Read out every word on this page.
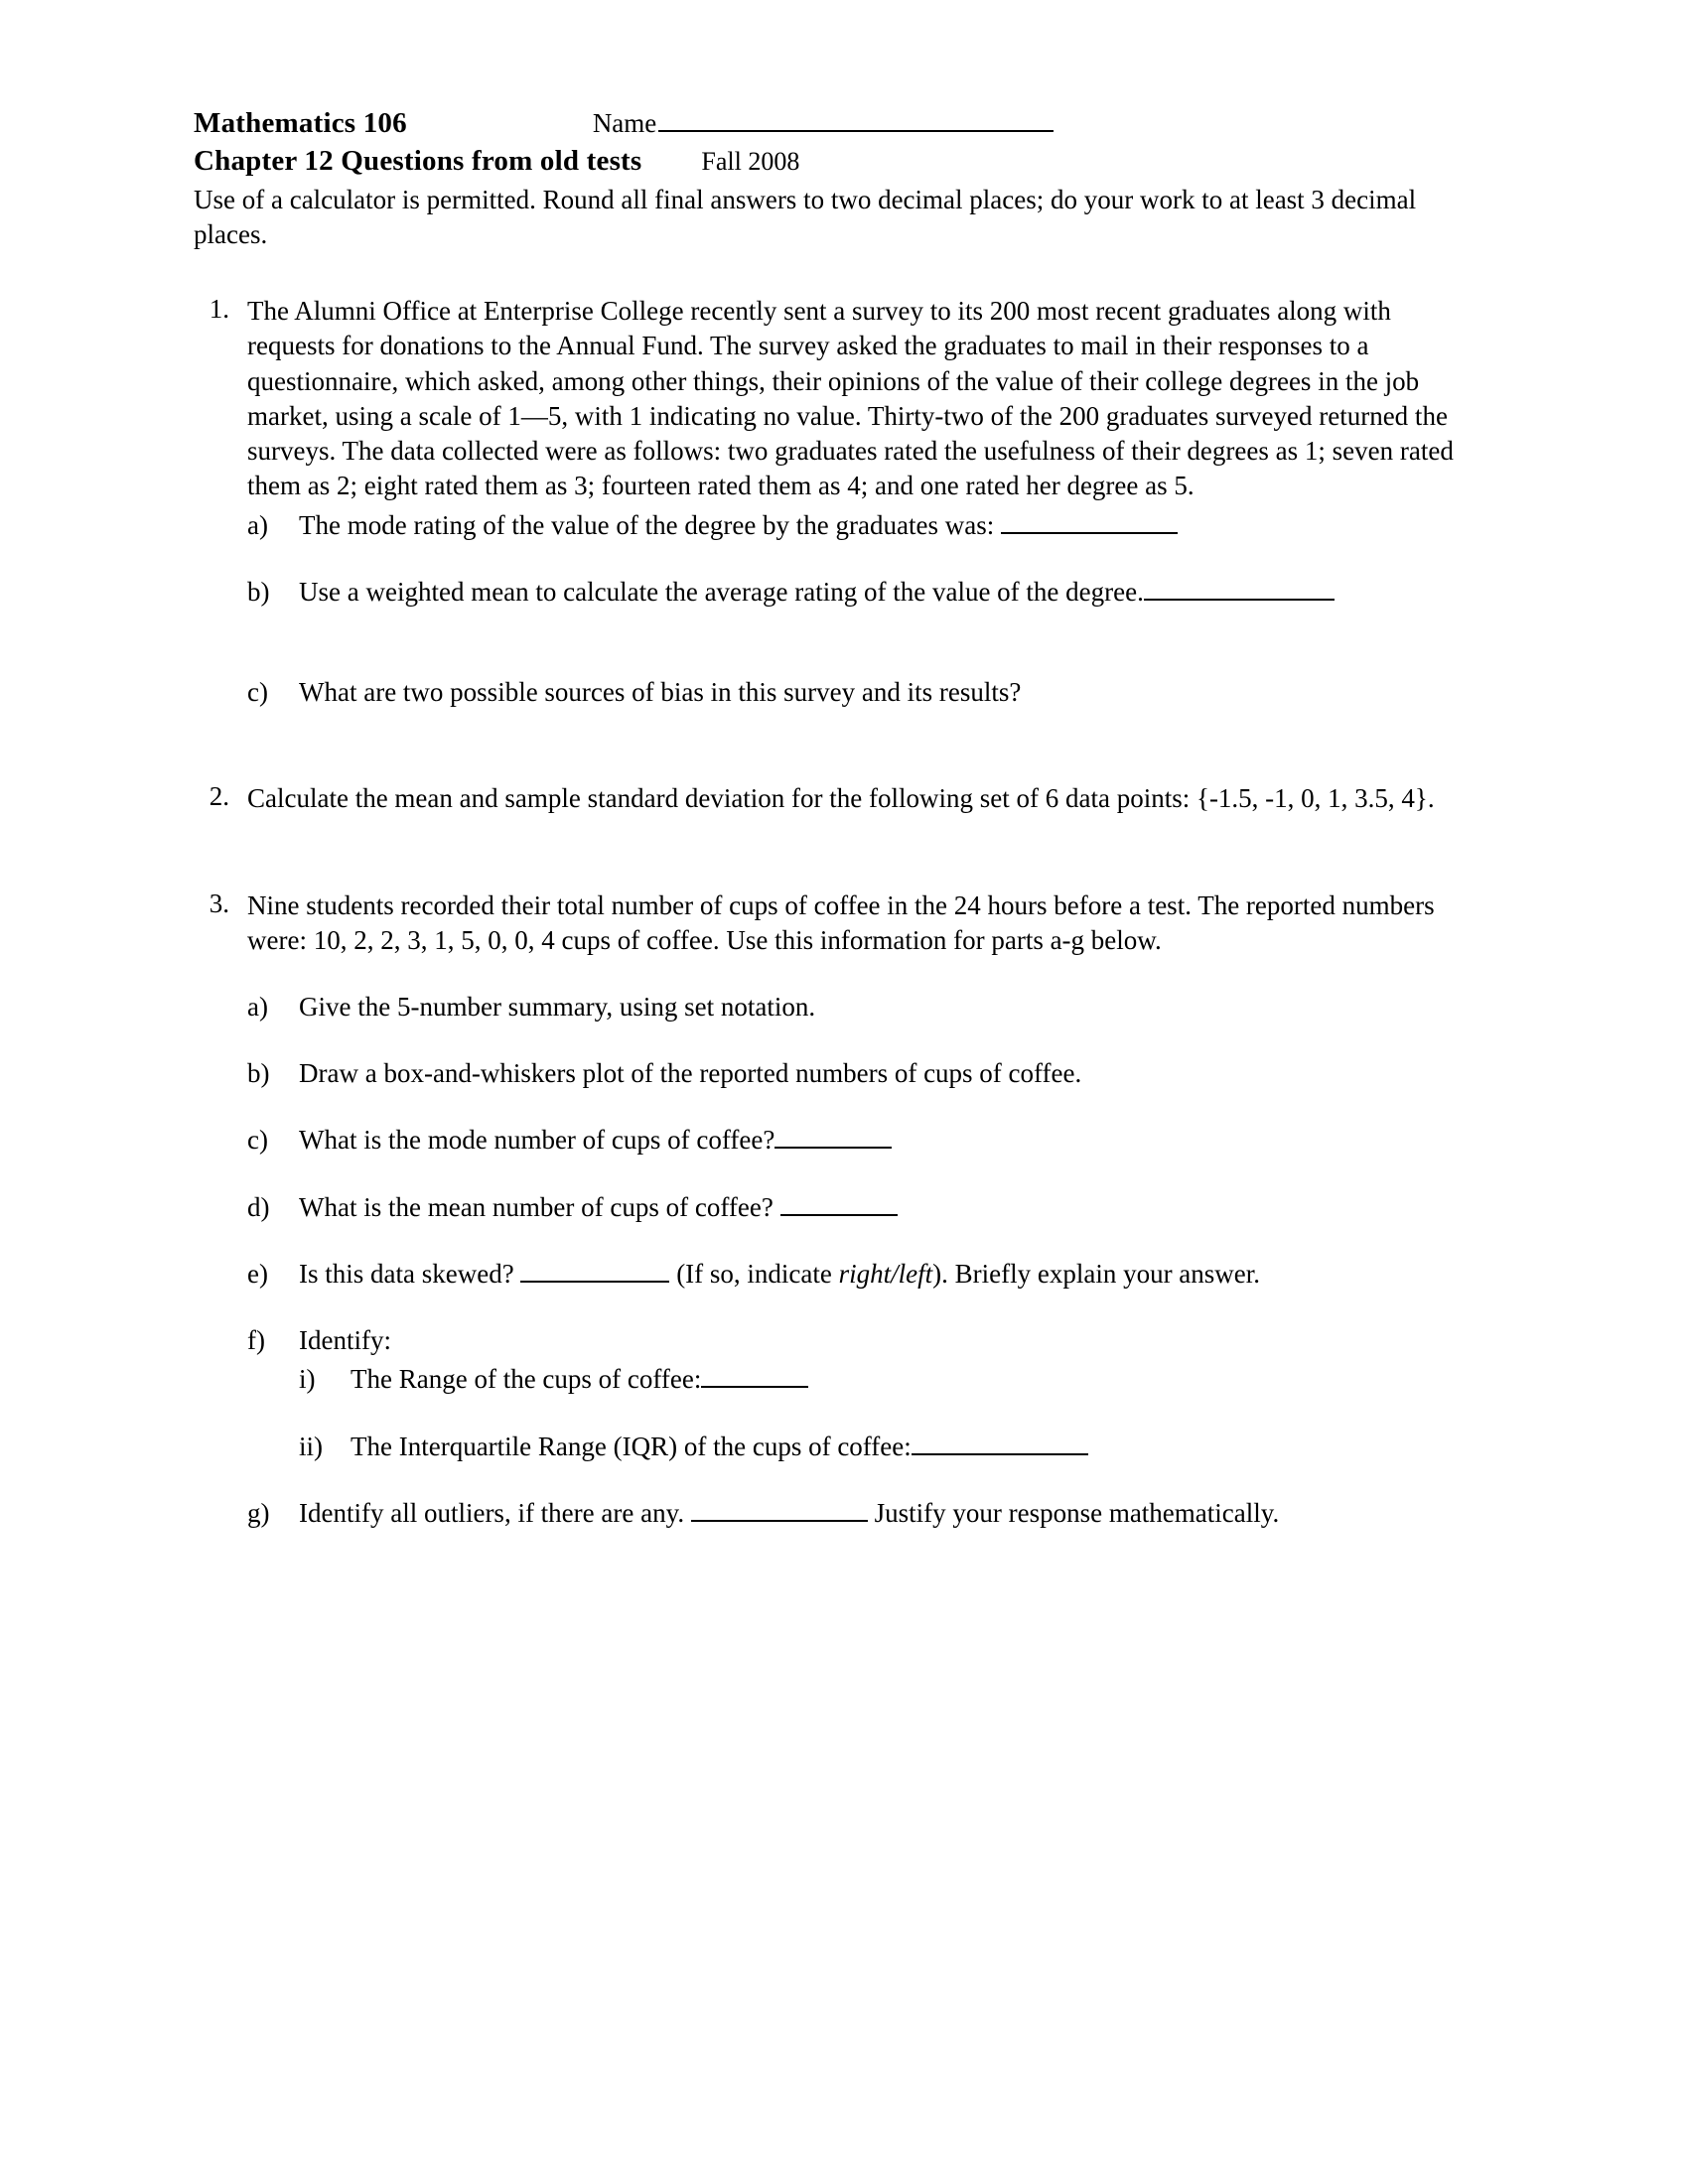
Mathematics 106	Name
Chapter 12 Questions from old tests Fall 2008
Use of a calculator is permitted. Round all final answers to two decimal places; do your work to at least 3 decimal places.
1. The Alumni Office at Enterprise College recently sent a survey to its 200 most recent graduates along with requests for donations to the Annual Fund. The survey asked the graduates to mail in their responses to a questionnaire, which asked, among other things, their opinions of the value of their college degrees in the job market, using a scale of 1—5, with 1 indicating no value. Thirty-two of the 200 graduates surveyed returned the surveys. The data collected were as follows: two graduates rated the usefulness of their degrees as 1; seven rated them as 2; eight rated them as 3; fourteen rated them as 4; and one rated her degree as 5.
a)	The mode rating of the value of the degree by the graduates was:
b)	Use a weighted mean to calculate the average rating of the value of the degree.
c)	What are two possible sources of bias in this survey and its results?
2. Calculate the mean and sample standard deviation for the following set of 6 data points: {-1.5, -1, 0, 1, 3.5, 4}.
3. Nine students recorded their total number of cups of coffee in the 24 hours before a test. The reported numbers were: 10, 2, 2, 3, 1, 5, 0, 0, 4 cups of coffee. Use this information for parts a-g below.
a)	Give the 5-number summary, using set notation.
b)	Draw a box-and-whiskers plot of the reported numbers of cups of coffee.
c)	What is the mode number of cups of coffee?
d)	What is the mean number of cups of coffee?
e)	Is this data skewed?	(If so, indicate right/left). Briefly explain your answer.
f)	Identify:
i)	The Range of the cups of coffee:
ii)	The Interquartile Range (IQR) of the cups of coffee:
g)	Identify all outliers, if there are any.	Justify your response mathematically.
